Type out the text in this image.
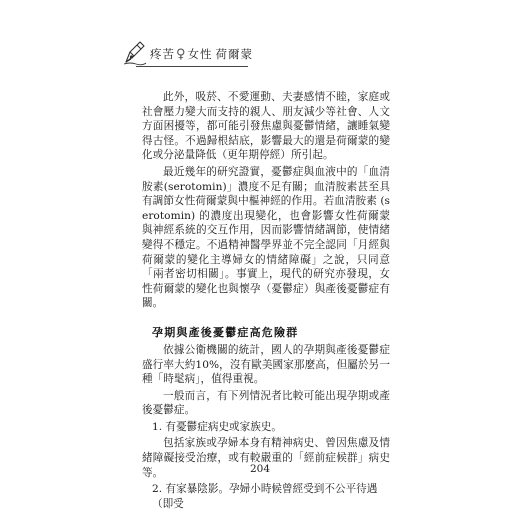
疼苦♀女性 荷爾蒙

此外，吸菸、不愛運動、夫妻感情不睦，家庭或社會壓力變大而支持的親人、朋友減少等社會、人文方面困擾等，都可能引發焦慮與憂鬱情緒，讓睡氣變得古怪。不過歸根結底，影響最大的還是荷爾蒙的變化或分泌量降低（更年期停經）所引起。

最近幾年的研究證實，憂鬱症與血液中的「血清胺素(serotomin)」濃度不足有關；血清胺素甚至具有調節女性荷爾蒙與中樞神經的作用。若血清胺素 (serotomin) 的濃度出現變化，也會影響女性荷爾蒙與神經系統的交互作用，因而影響情緒調節，使情緒變得不穩定。不過精神醫學界並不完全認同「月經與荷爾蒙的變化主導婦女的情緒障礙」之說，只同意「兩者密切相關」。事實上，現代的研究亦發現，女性荷爾蒙的變化也與懷孕（憂鬱症）與產後憂鬱症有關。

孕期與產後憂鬱症高危險群

依據公衛機關的統計，國人的孕期與產後憂鬱症盛行率大約10%，沒有歐美國家那麼高，但屬於另一種「時髦病」，值得重視。

一般而言，有下列情況者比較可能出現孕期或產後憂鬱症。

1. 有憂鬱症病史或家族史。

包括家族或孕婦本身有精神病史、曾因焦慮及情緒障礙接受治療，或有較嚴重的「經前症候群」病史等。

2. 有家暴陰影。孕婦小時候曾經受到不公平待遇（即受
204
